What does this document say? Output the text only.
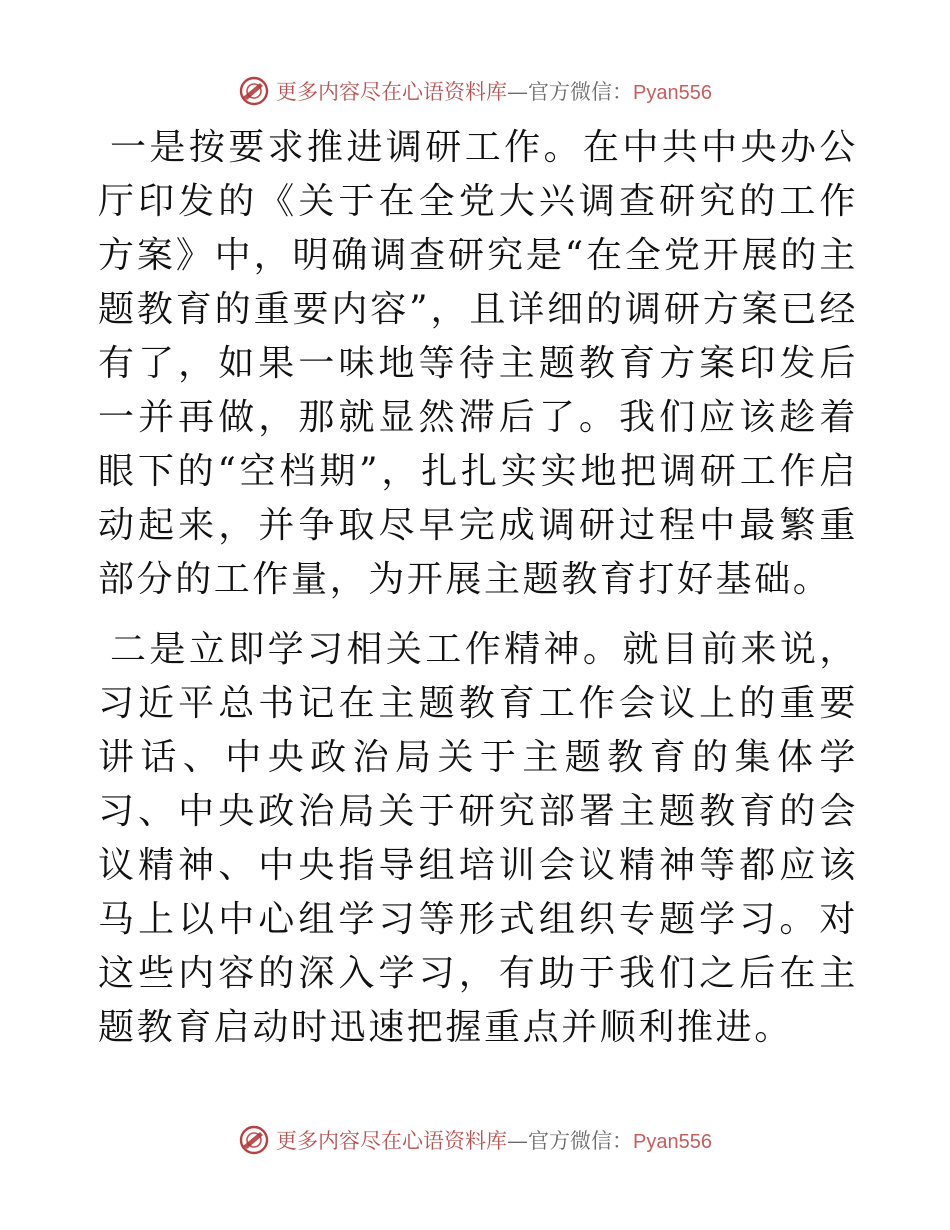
更多内容尽在心语资料库 —官方微信： Pyan556

一是按要求推进调研工作。在中共中央办公厅印发的《关于在全党大兴调查研究的工作方案》中，明确调查研究是“在全党开展的主题教育的重要内容”，且详细的调研方案已经有了，如果一味地等待主题教育方案印发后一并再做，那就显然滞后了。我们应该趁着眼下的“空档期”，扎扎实实地把调研工作启动起来，并争取尽早完成调研过程中最繁重部分的工作量，为开展主题教育打好基础。

二是立即学习相关工作精神。就目前来说，习近平总书记在主题教育工作会议上的重要讲话、中央政治局关于主题教育的集体学习、中央政治局关于研究部署主题教育的会议精神、中央指导组培训会议精神等都应该马上以中心组学习等形式组织专题学习。对这些内容的深入学习，有助于我们之后在主题教育启动时迅速把握重点并顺利推进。

更多内容尽在心语资料库 —官方微信： Pyan556
